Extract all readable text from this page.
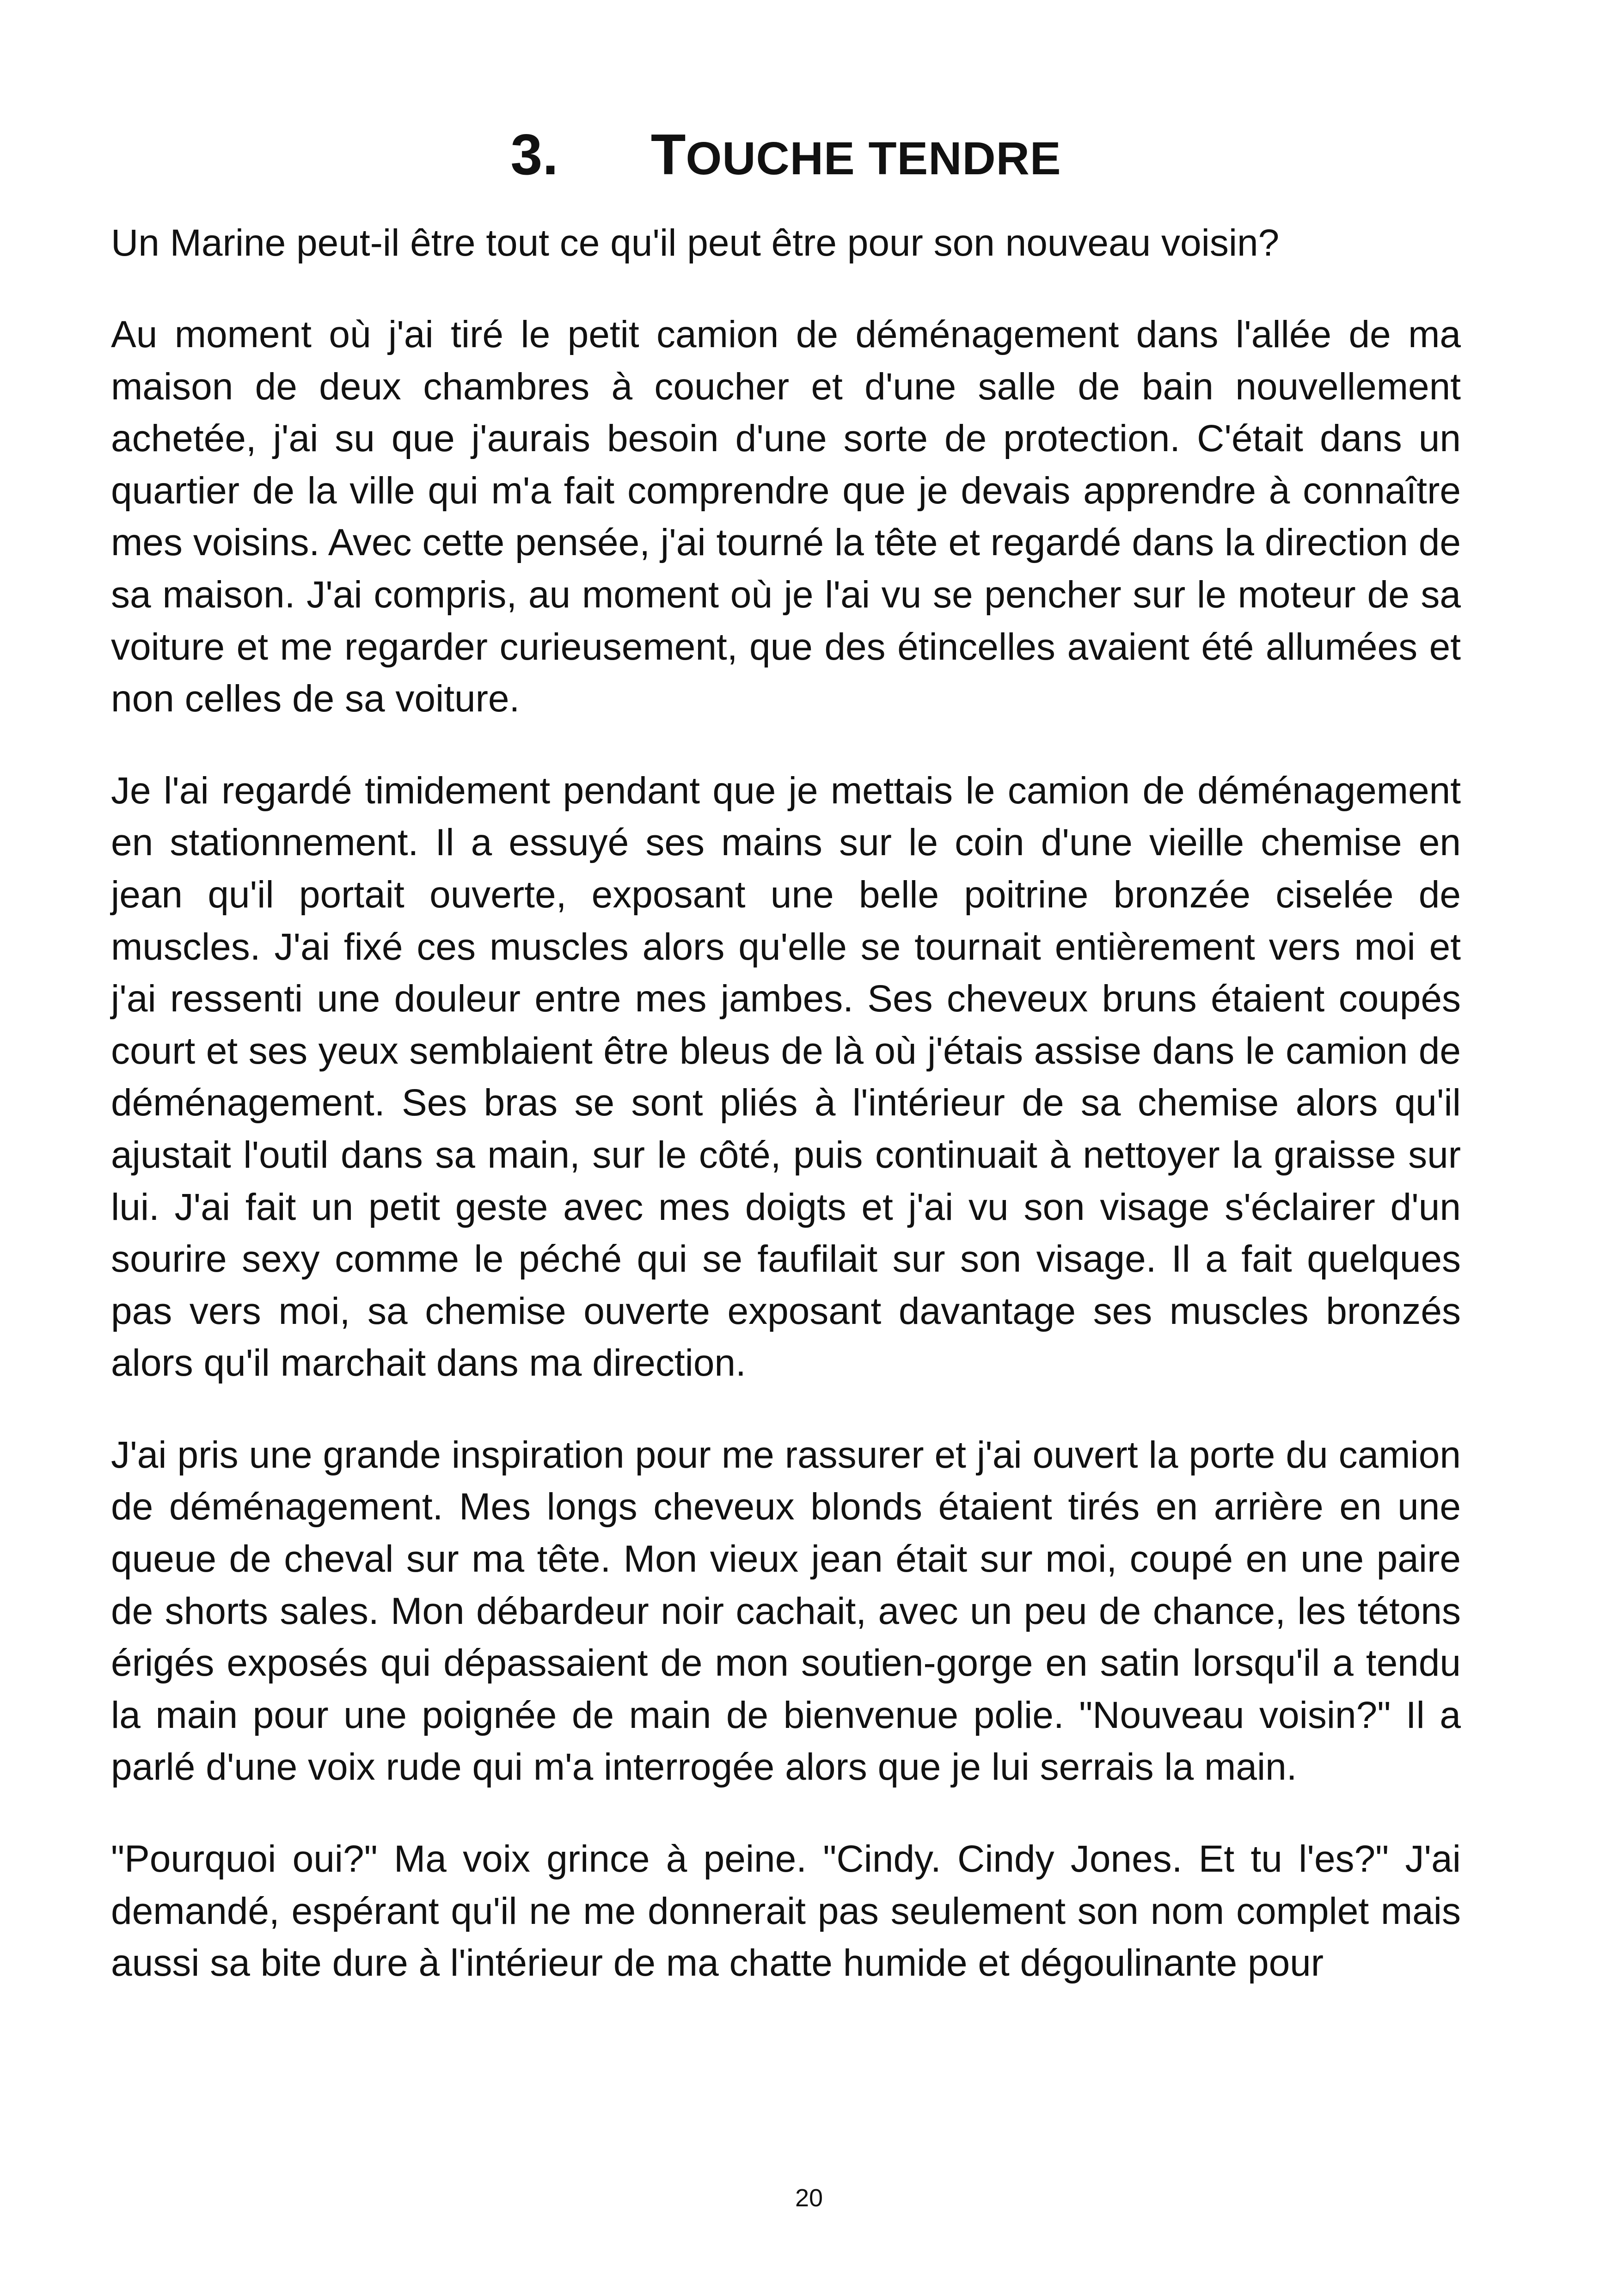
3. TOUCHE TENDRE
Un Marine peut-il être tout ce qu'il peut être pour son nouveau voisin?

Au moment où j'ai tiré le petit camion de déménagement dans l'allée de ma maison de deux chambres à coucher et d'une salle de bain nouvellement achetée, j'ai su que j'aurais besoin d'une sorte de protection. C'était dans un quartier de la ville qui m'a fait comprendre que je devais apprendre à connaître mes voisins. Avec cette pensée, j'ai tourné la tête et regardé dans la direction de sa maison. J'ai compris, au moment où je l'ai vu se pencher sur le moteur de sa voiture et me regarder curieusement, que des étincelles avaient été allumées et non celles de sa voiture.

Je l'ai regardé timidement pendant que je mettais le camion de déménagement en stationnement. Il a essuyé ses mains sur le coin d'une vieille chemise en jean qu'il portait ouverte, exposant une belle poitrine bronzée ciselée de muscles. J'ai fixé ces muscles alors qu'elle se tournait entièrement vers moi et j'ai ressenti une douleur entre mes jambes. Ses cheveux bruns étaient coupés court et ses yeux semblaient être bleus de là où j'étais assise dans le camion de déménagement. Ses bras se sont pliés à l'intérieur de sa chemise alors qu'il ajustait l'outil dans sa main, sur le côté, puis continuait à nettoyer la graisse sur lui. J'ai fait un petit geste avec mes doigts et j'ai vu son visage s'éclairer d'un sourire sexy comme le péché qui se faufilait sur son visage. Il a fait quelques pas vers moi, sa chemise ouverte exposant davantage ses muscles bronzés alors qu'il marchait dans ma direction.

J'ai pris une grande inspiration pour me rassurer et j'ai ouvert la porte du camion de déménagement. Mes longs cheveux blonds étaient tirés en arrière en une queue de cheval sur ma tête. Mon vieux jean était sur moi, coupé en une paire de shorts sales. Mon débardeur noir cachait, avec un peu de chance, les tétons érigés exposés qui dépassaient de mon soutien-gorge en satin lorsqu'il a tendu la main pour une poignée de main de bienvenue polie. "Nouveau voisin?" Il a parlé d'une voix rude qui m'a interrogée alors que je lui serrais la main.

"Pourquoi oui?" Ma voix grince à peine. "Cindy. Cindy Jones. Et tu l'es?" J'ai demandé, espérant qu'il ne me donnerait pas seulement son nom complet mais aussi sa bite dure à l'intérieur de ma chatte humide et dégoulinante pour

20
